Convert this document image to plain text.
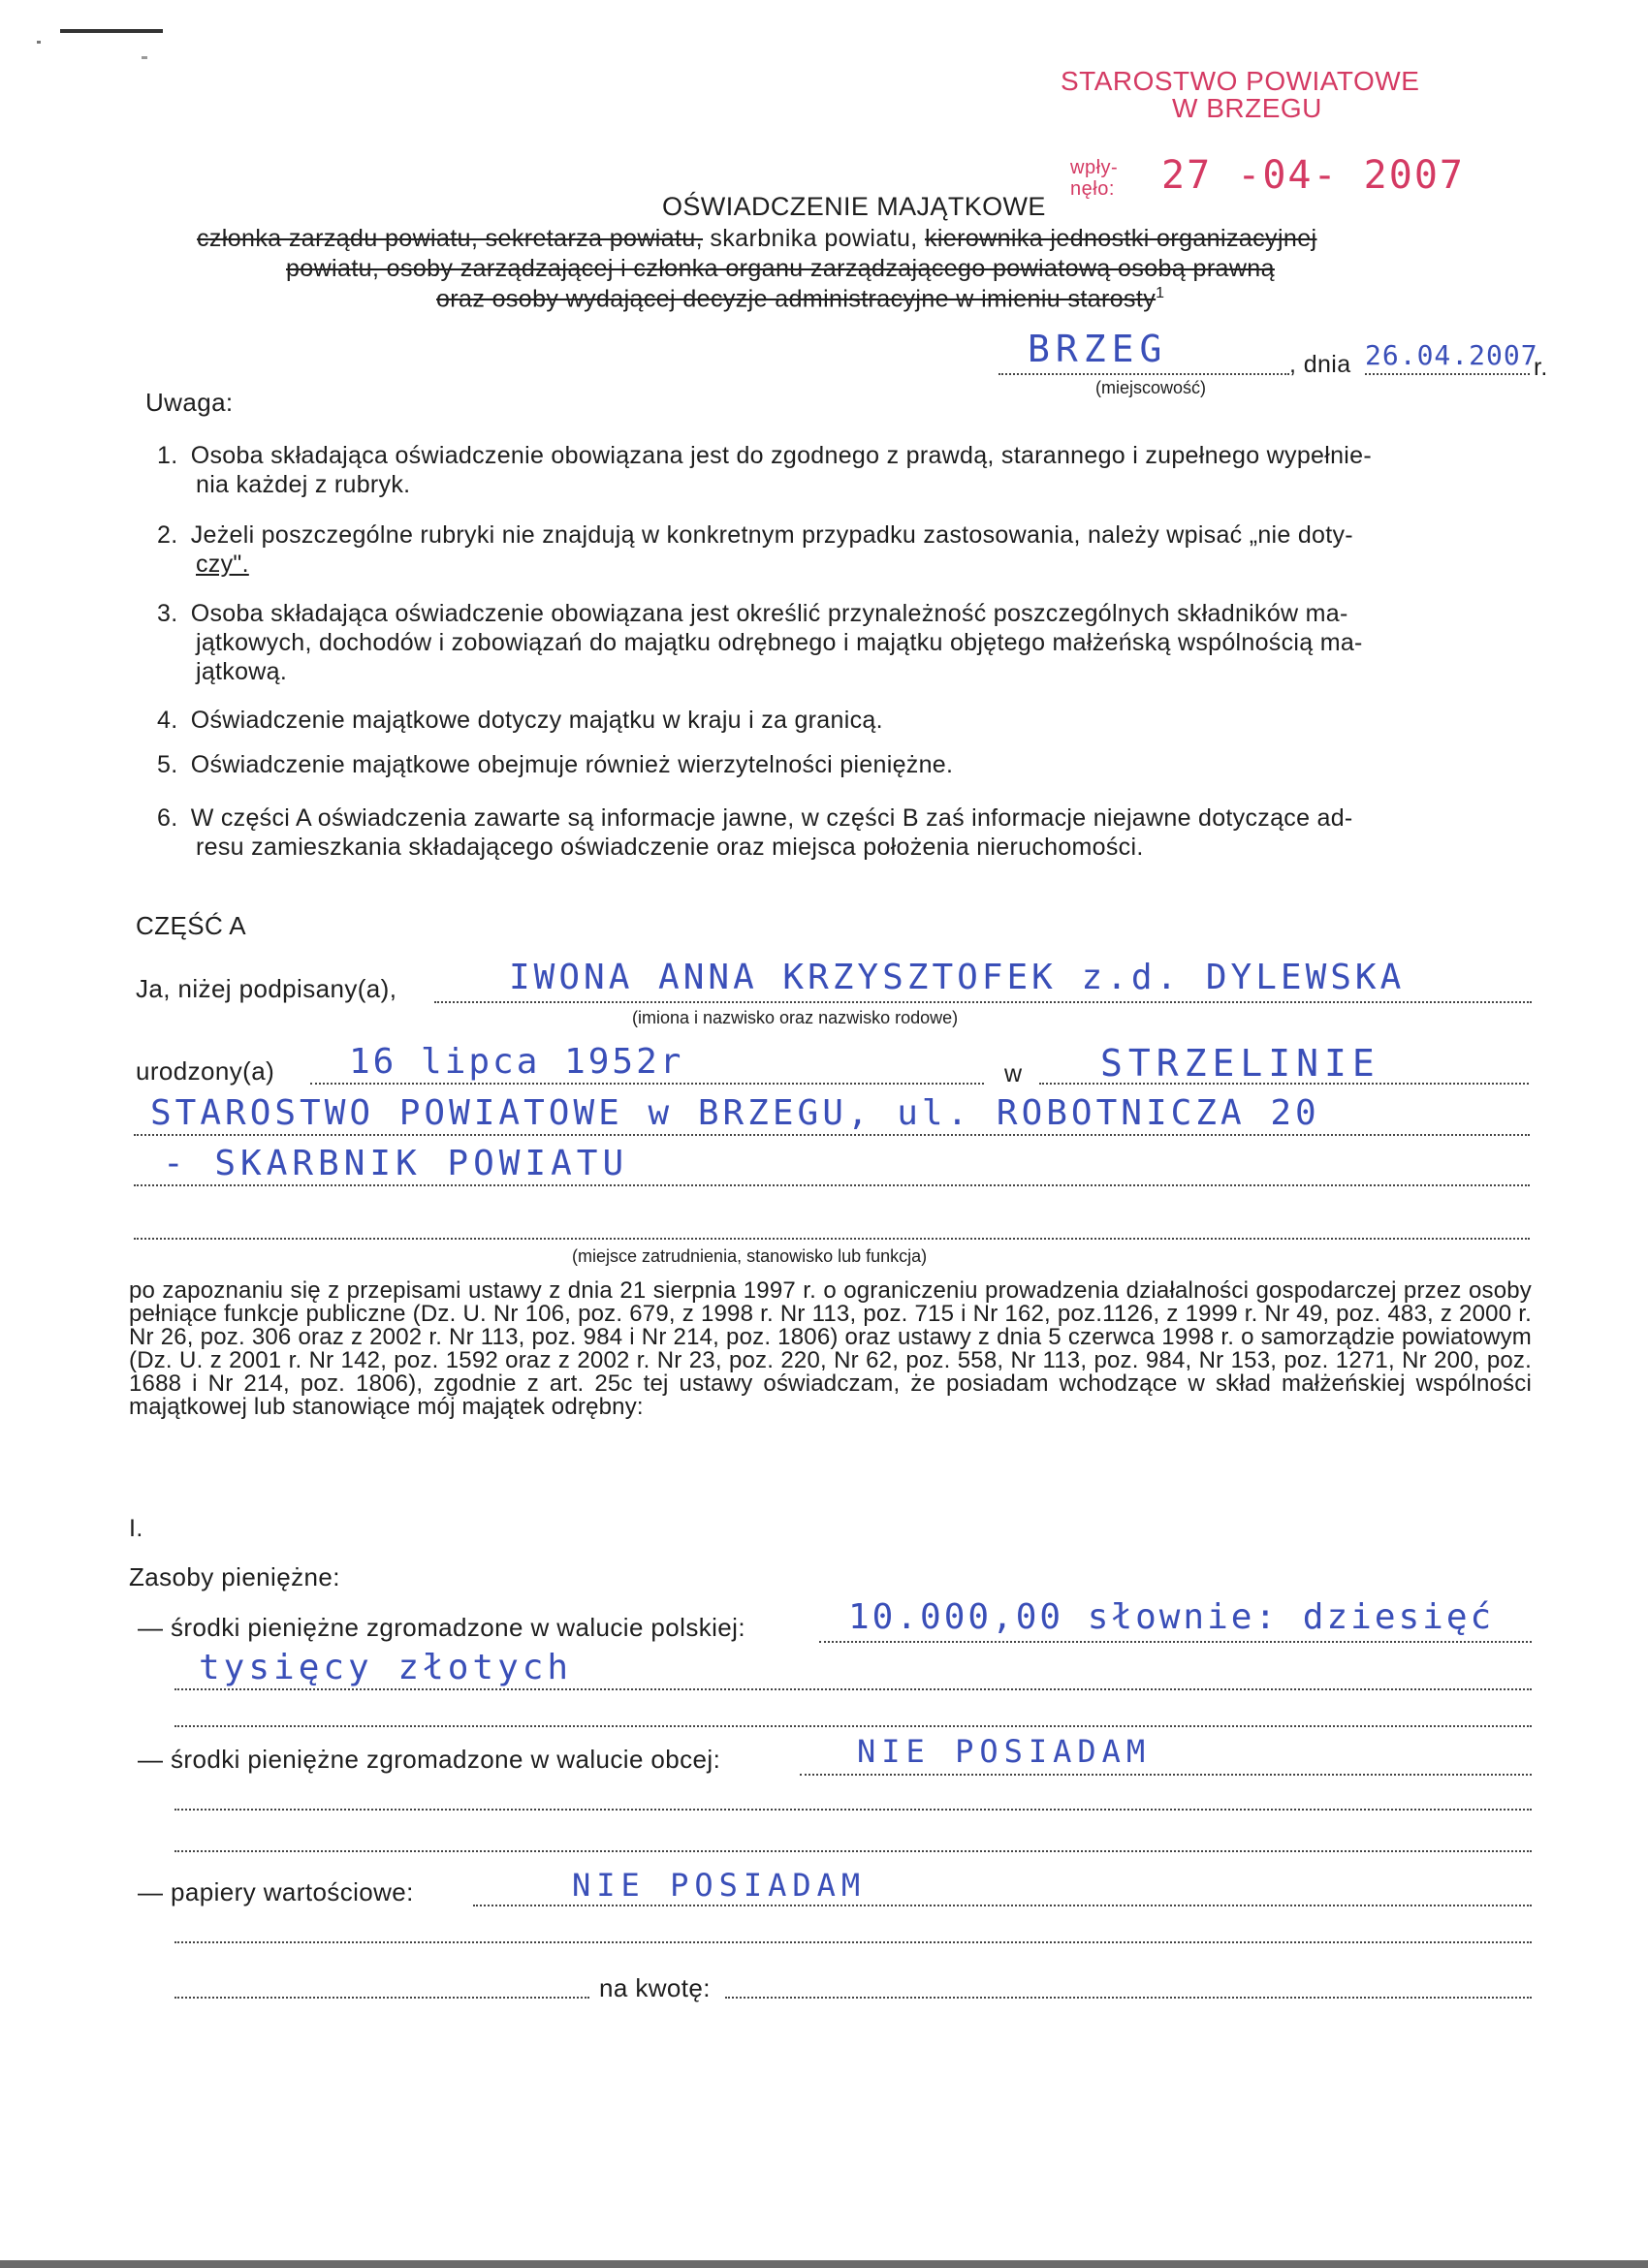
STAROSTWO POWIATOWE
W BRZEGU
wpły-
nęło: 27 -04- 2007
OŚWIADCZENIE MAJĄTKOWE
członka zarządu powiatu, sekretarza powiatu, skarbnika powiatu, kierownika jednostki organizacyjnej
powiatu, osoby zarządzającej i członka organu zarządzającego powiatową osobą prawną
oraz osoby wydającej decyzje administracyjne w imieniu starosty$^1$
BRZEG	, dnia 26.04.2007
r.
(miejscowość)
Uwaga:
1. Osoba składająca oświadczenie obowiązana jest do zgodnego z prawdą, starannego i zupełnego wypełnie-
nia każdej z rubryk.
2. Jeżeli poszczególne rubryki nie znajdują w konkretnym przypadku zastosowania, należy wpisać „nie doty-
czy".
3. Osoba składająca oświadczenie obowiązana jest określić przynależność poszczególnych składników ma-
jątkowych, dochodów i zobowiązań do majątku odrębnego i majątku objętego małżeńską wspólnością ma-
jątkową.
4. Oświadczenie majątkowe dotyczy majątku w kraju i za granicą.
5. Oświadczenie majątkowe obejmuje również wierzytelności pieniężne.
6. W części A oświadczenia zawarte są informacje jawne, w części B zaś informacje niejawne dotyczące ad-
resu zamieszkania składającego oświadczenie oraz miejsca położenia nieruchomości.
CZĘŚĆ A
Ja, niżej podpisany(a),	IWONA ANNA KRZYSZTOFEK z.d. DYLEWSKA
(imiona i nazwisko oraz nazwisko rodowe)
urodzony(a) 16 lipca 1952r	w STRZELINIE
STAROSTWO POWIATOWE w BRZEGU, ul. ROBOTNICZA 20
- SKARBNIK POWIATU
(miejsce zatrudnienia, stanowisko lub funkcja)
po zapoznaniu się z przepisami ustawy z dnia 21 sierpnia 1997 r. o ograniczeniu prowadzenia działalności gospodarczej przez osoby pełniące funkcje publiczne (Dz. U. Nr 106, poz. 679, z 1998 r. Nr 113, poz. 715 i Nr 162, poz.1126, z 1999 r. Nr 49, poz. 483, z 2000 r. Nr 26, poz. 306 oraz z 2002 r. Nr 113, poz. 984 i Nr 214, poz. 1806) oraz ustawy z dnia 5 czerwca 1998 r. o samorządzie powiatowym (Dz. U. z 2001 r. Nr 142, poz. 1592 oraz z 2002 r. Nr 23, poz. 220, Nr 62, poz. 558, Nr 113, poz. 984, Nr 153, poz. 1271, Nr 200, poz. 1688 i Nr 214, poz. 1806), zgodnie z art. 25c tej ustawy oświadczam, że posiadam wchodzące w skład małżeńskiej wspólności majątkowej lub stanowiące mój majątek odrębny:
I.
Zasoby pieniężne:
— środki pieniężne zgromadzone w walucie polskiej:	10.000,00 słownie: dziesięć
tysięcy złotych
— środki pieniężne zgromadzone w walucie obcej:	NIE POSIADAM
— papiery wartościowe:	NIE POSIADAM
na kwotę:
